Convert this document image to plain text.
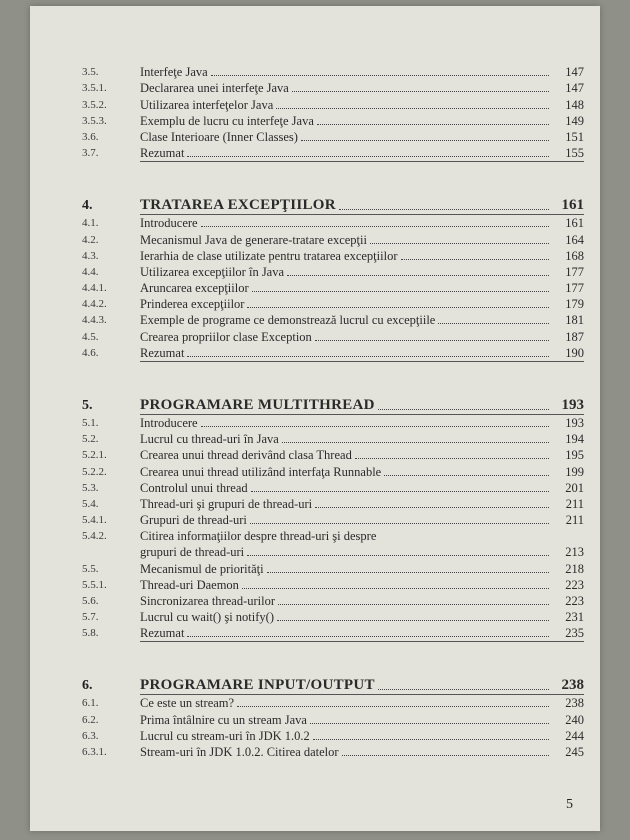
3.5.	Interfeţe Java	147
3.5.1.	Declararea unei interfeţe Java	147
3.5.2.	Utilizarea interfeţelor Java	148
3.5.3.	Exemplu de lucru cu interfeţe Java	149
3.6.	Clase Interioare (Inner Classes)	151
3.7.	Rezumat	155
4.	TRATAREA EXCEPŢIILOR	161
4.1.	Introducere	161
4.2.	Mecanismul Java de generare-tratare excepţii	164
4.3.	Ierarhia de clase utilizate pentru tratarea excepţiilor	168
4.4.	Utilizarea excepţiilor în Java	177
4.4.1.	Aruncarea excepţiilor	177
4.4.2.	Prinderea excepţiilor	179
4.4.3.	Exemple de programe ce demonstrează lucrul cu excepţiile	181
4.5.	Crearea propriilor clase Exception	187
4.6.	Rezumat	190
5.	PROGRAMARE MULTITHREAD	193
5.1.	Introducere	193
5.2.	Lucrul cu thread-uri în Java	194
5.2.1.	Crearea unui thread derivând clasa Thread	195
5.2.2.	Crearea unui thread utilizând interfaţa Runnable	199
5.3.	Controlul unui thread	201
5.4.	Thread-uri şi grupuri de thread-uri	211
5.4.1.	Grupuri de thread-uri	211
5.4.2.	Citirea informaţiilor despre thread-uri şi despre
grupuri de thread-uri	213
5.5.	Mecanismul de priorităţi	218
5.5.1.	Thread-uri Daemon	223
5.6.	Sincronizarea thread-urilor	223
5.7.	Lucrul cu wait() şi notify()	231
5.8.	Rezumat	235
6.	PROGRAMARE INPUT/OUTPUT	238
6.1.	Ce este un stream?	238
6.2.	Prima întâlnire cu un stream Java	240
6.3.	Lucrul cu stream-uri în JDK 1.0.2	244
6.3.1.	Stream-uri în JDK 1.0.2. Citirea datelor	245
5
